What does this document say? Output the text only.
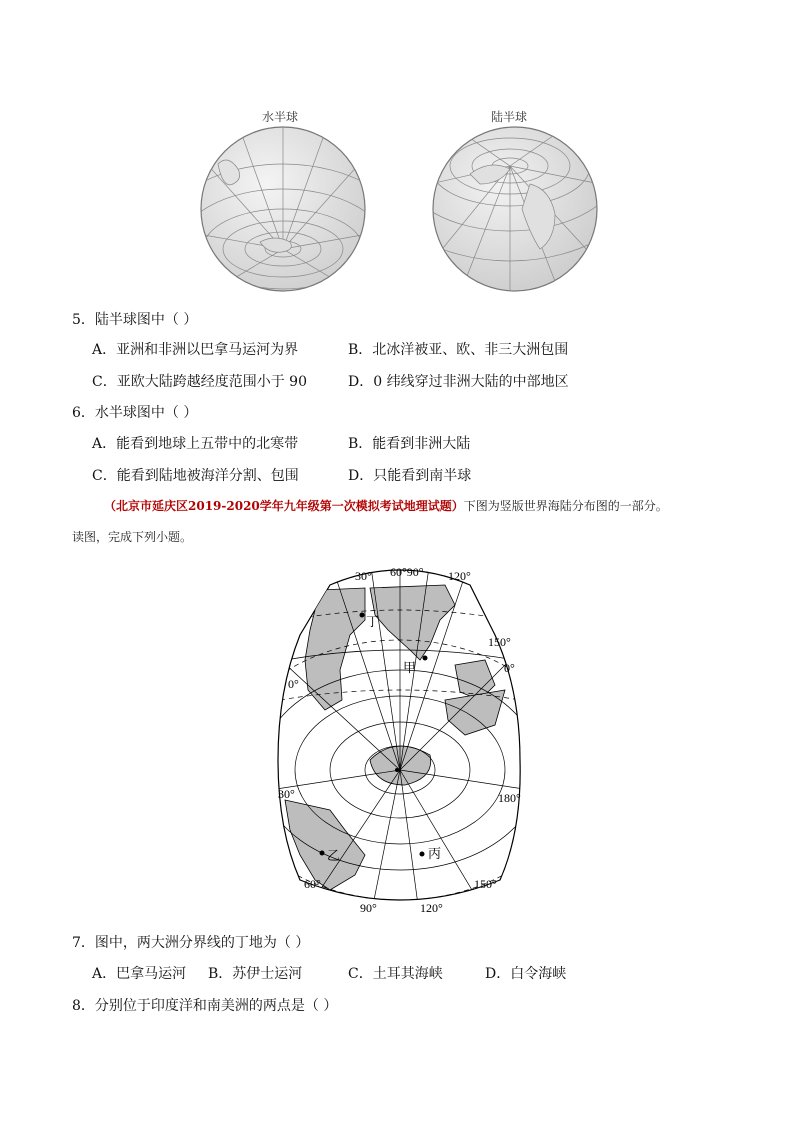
水半球	陆半球
5．陆半球图中（ ）
A．亚洲和非洲以巴拿马运河为界	B．北冰洋被亚、欧、非三大洲包围
C．亚欧大陆跨越经度范围小于 90	D．0 纬线穿过非洲大陆的中部地区
6．水半球图中（ ）
A．能看到地球上五带中的北寒带	B．能看到非洲大陆
C．能看到陆地被海洋分割、包围	D．只能看到南半球
（北京市延庆区2019-2020学年九年级第一次模拟考试地理试题）下图为竖版世界海陆分布图的一部分。
读图，完成下列小题。
30° 60°90° 120°
150°
0°
0°
30°	180°
60°
90°	120°
150°
丁
甲
乙	丙
7．图中，两大洲分界线的丁地为（ ）
A．巴拿马运河 B．苏伊士运河	C．土耳其海峡	D．白令海峡
8．分别位于印度洋和南美洲的两点是（ ）
